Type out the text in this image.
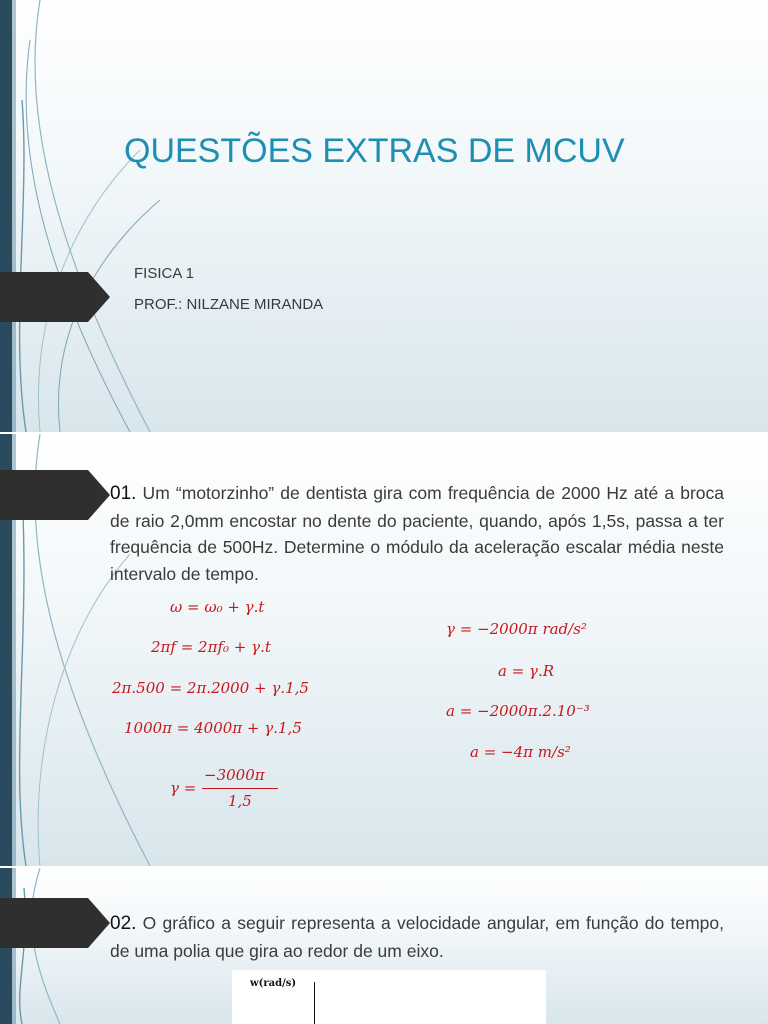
QUESTÕES EXTRAS DE MCUV
FISICA 1
PROF.: NILZANE MIRANDA
01. Um “motorzinho” de dentista gira com frequência de 2000 Hz até a broca de raio 2,0mm encostar no dente do paciente, quando, após 1,5s, passa a ter frequência de 500Hz. Determine o módulo da aceleração escalar média neste intervalo de tempo.
ω = ω₀ + γ.t
2πf = 2πf₀ + γ.t
2π.500 = 2π.2000 + γ.1,5
1000π = 4000π + γ.1,5
γ =
−3000π
1,5
γ = −2000π rad/s²
a = γ.R
a = −2000π.2.10⁻³
a = −4π m/s²
02. O gráfico a seguir representa a velocidade angular, em função do tempo, de uma polia que gira ao redor de um eixo.
w(rad/s)
